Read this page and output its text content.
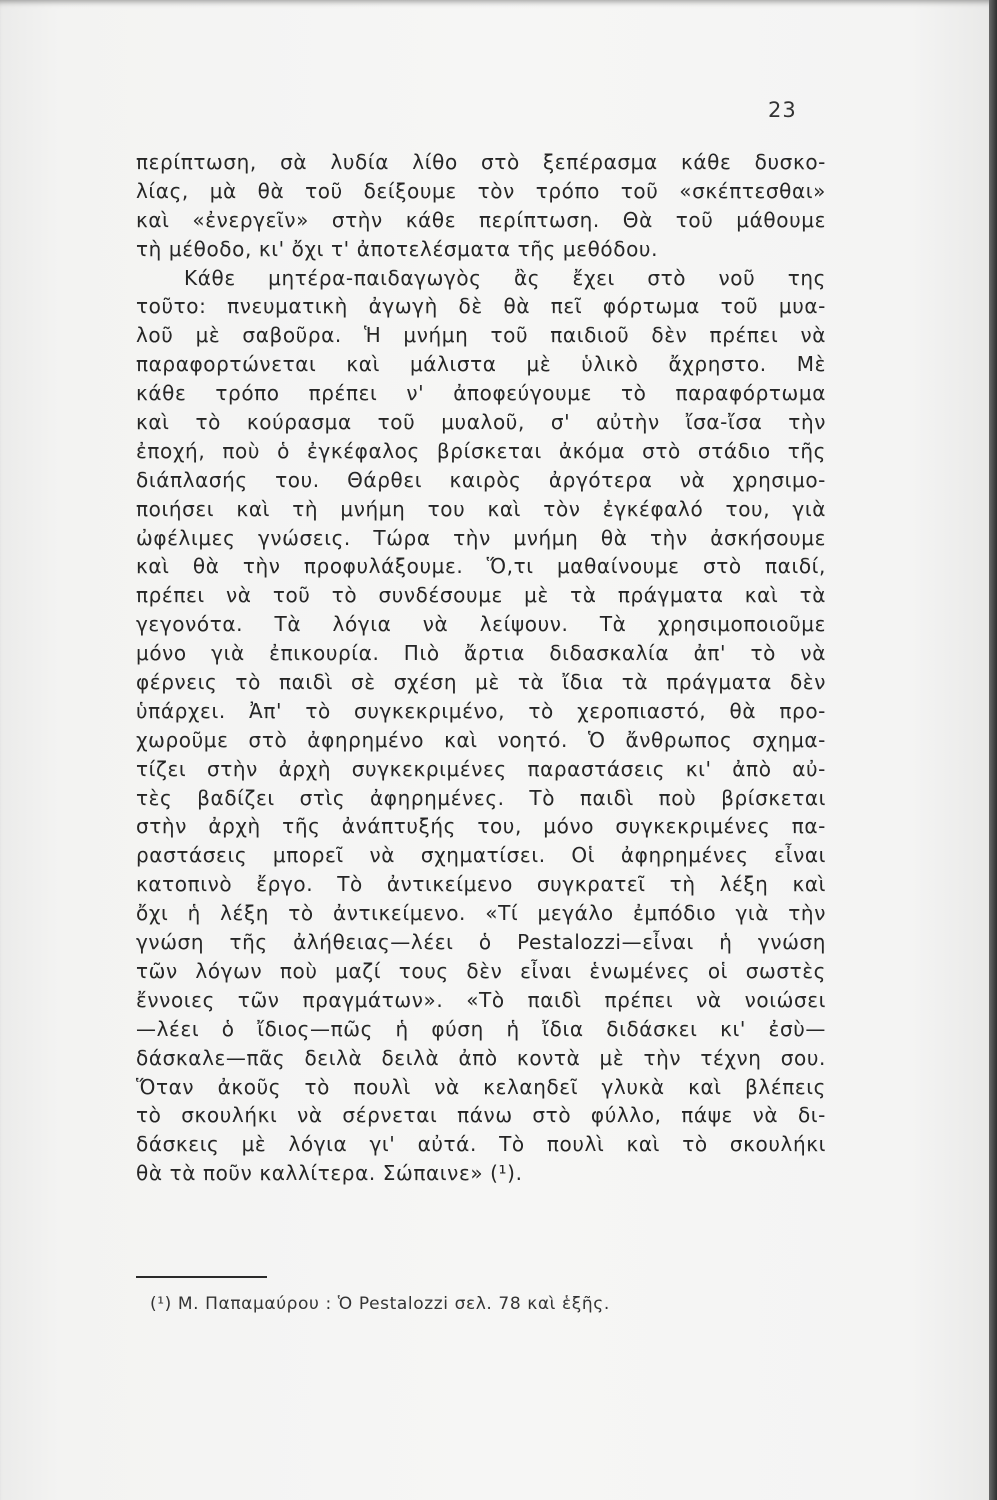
23
περίπτωση, σὰ λυδία λίθο στὸ ξεπέρασμα κάθε δυσκο-
λίας, μὰ θὰ τοῦ δείξουμε τὸν τρόπο τοῦ «σκέπτεσθαι»
καὶ «ἐνεργεῖν» στὴν κάθε περίπτωση. Θὰ τοῦ μάθουμε
τὴ μέθοδο, κι' ὄχι τ' ἀποτελέσματα τῆς μεθόδου.
Κάθε μητέρα-παιδαγωγὸς ἂς ἔχει στὸ νοῦ της
τοῦτο: πνευματικὴ ἀγωγὴ δὲ θὰ πεῖ φόρτωμα τοῦ μυα-
λοῦ μὲ σαβοῦρα. Ἡ μνήμη τοῦ παιδιοῦ δὲν πρέπει νὰ
παραφορτώνεται καὶ μάλιστα μὲ ὑλικὸ ἄχρηστο. Μὲ
κάθε τρόπο πρέπει ν' ἀποφεύγουμε τὸ παραφόρτωμα
καὶ τὸ κούρασμα τοῦ μυαλοῦ, σ' αὐτὴν ἴσα-ἴσα τὴν
ἐποχή, ποὺ ὁ ἐγκέφαλος βρίσκεται ἀκόμα στὸ στάδιο τῆς
διάπλασής του. Θάρθει καιρὸς ἀργότερα νὰ χρησιμο-
ποιήσει καὶ τὴ μνήμη του καὶ τὸν ἐγκέφαλό του, γιὰ
ὠφέλιμες γνώσεις. Τώρα τὴν μνήμη θὰ τὴν ἀσκήσουμε
καὶ θὰ τὴν προφυλάξουμε. Ὅ,τι μαθαίνουμε στὸ παιδί,
πρέπει νὰ τοῦ τὸ συνδέσουμε μὲ τὰ πράγματα καὶ τὰ
γεγονότα. Τὰ λόγια νὰ λείψουν. Τὰ χρησιμοποιοῦμε
μόνο γιὰ ἐπικουρία. Πιὸ ἄρτια διδασκαλία ἀπ' τὸ νὰ
φέρνεις τὸ παιδὶ σὲ σχέση μὲ τὰ ἴδια τὰ πράγματα δὲν
ὑπάρχει. Ἀπ' τὸ συγκεκριμένο, τὸ χεροπιαστό, θὰ προ-
χωροῦμε στὸ ἀφηρημένο καὶ νοητό. Ὁ ἄνθρωπος σχημα-
τίζει στὴν ἀρχὴ συγκεκριμένες παραστάσεις κι' ἀπὸ αὐ-
τὲς βαδίζει στὶς ἀφηρημένες. Τὸ παιδὶ ποὺ βρίσκεται
στὴν ἀρχὴ τῆς ἀνάπτυξής του, μόνο συγκεκριμένες πα-
ραστάσεις μπορεῖ νὰ σχηματίσει. Οἱ ἀφηρημένες εἶναι
κατοπινὸ ἔργο. Τὸ ἀντικείμενο συγκρατεῖ τὴ λέξη καὶ
ὄχι ἡ λέξη τὸ ἀντικείμενο. «Τί μεγάλο ἐμπόδιο γιὰ τὴν
γνώση τῆς ἀλήθειας—λέει ὁ Pestalozzi—εἶναι ἡ γνώση
τῶν λόγων ποὺ μαζί τους δὲν εἶναι ἑνωμένες οἱ σωστὲς
ἔννοιες τῶν πραγμάτων». «Τὸ παιδὶ πρέπει νὰ νοιώσει
—λέει ὁ ἴδιος—πῶς ἡ φύση ἡ ἴδια διδάσκει κι' ἐσὺ—
δάσκαλε—πᾶς δειλὰ δειλὰ ἀπὸ κοντὰ μὲ τὴν τέχνη σου.
Ὅταν ἀκοῦς τὸ πουλὶ νὰ κελαηδεῖ γλυκὰ καὶ βλέπεις
τὸ σκουλήκι νὰ σέρνεται πάνω στὸ φύλλο, πάψε νὰ δι-
δάσκεις μὲ λόγια γι' αὐτά. Τὸ πουλὶ καὶ τὸ σκουλήκι
θὰ τὰ ποῦν καλλίτερα. Σώπαινε» (¹).
(¹) Μ. Παπαμαύρου : Ὁ Pestalozzi σελ. 78 καὶ ἑξῆς.
